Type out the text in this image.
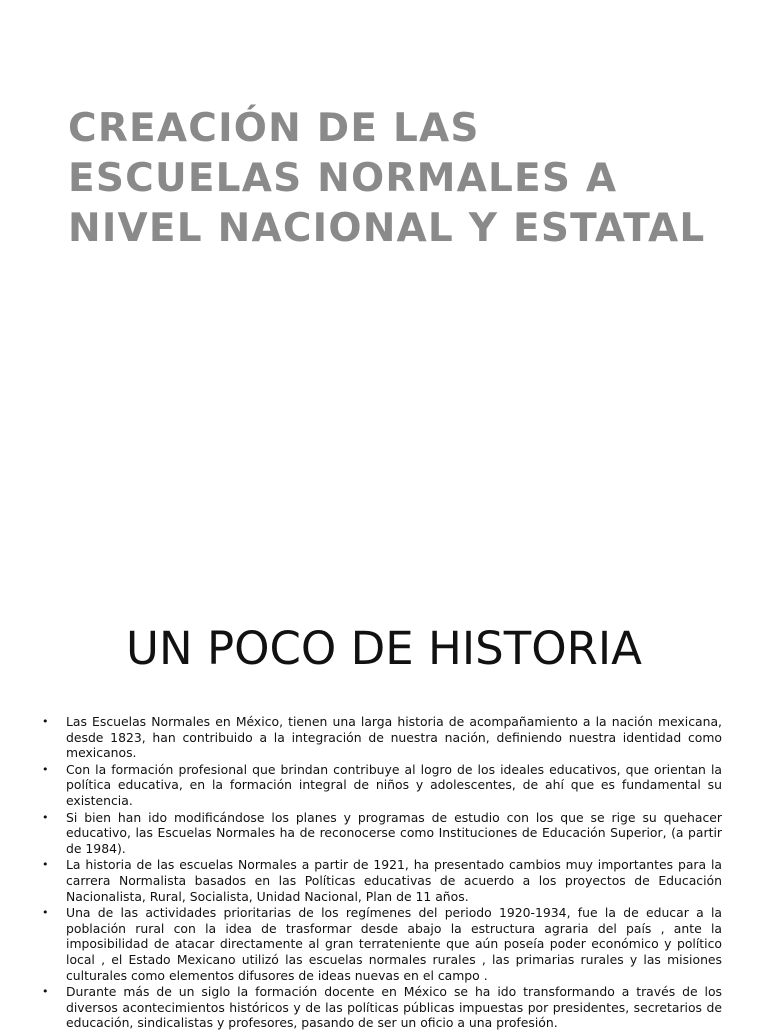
CREACIÓN DE LAS ESCUELAS NORMALES A NIVEL NACIONAL Y ESTATAL
UN POCO DE HISTORIA
• Las Escuelas Normales en México, tienen una larga historia de acompañamiento a la nación mexicana, desde 1823, han contribuido a la integración de nuestra nación, definiendo nuestra identidad como mexicanos.
• Con la formación profesional que brindan contribuye al logro de los ideales educativos, que orientan la política educativa, en la formación integral de niños y adolescentes, de ahí que es fundamental su existencia.
• Si bien han ido modificándose los planes y programas de estudio con los que se rige su quehacer educativo, las Escuelas Normales ha de reconocerse como Instituciones de Educación Superior, (a partir de 1984).
• La historia de las escuelas Normales a partir de 1921, ha presentado cambios muy importantes para la carrera Normalista basados en las Políticas educativas de acuerdo a los proyectos de Educación Nacionalista, Rural, Socialista, Unidad Nacional, Plan de 11 años.
• Una de las actividades prioritarias de los regímenes del periodo 1920-1934, fue la de educar a la población rural con la idea de trasformar desde abajo la estructura agraria del país , ante la imposibilidad de atacar directamente al gran terrateniente que aún poseía poder económico y político local , el Estado Mexicano utilizó las escuelas normales rurales , las primarias rurales y las misiones culturales como elementos difusores de ideas nuevas en el campo .
• Durante más de un siglo la formación docente en México se ha ido transformando a través de los diversos acontecimientos históricos y de las políticas públicas impuestas por presidentes, secretarios de educación, sindicalistas y profesores, pasando de ser un oficio a una profesión.
